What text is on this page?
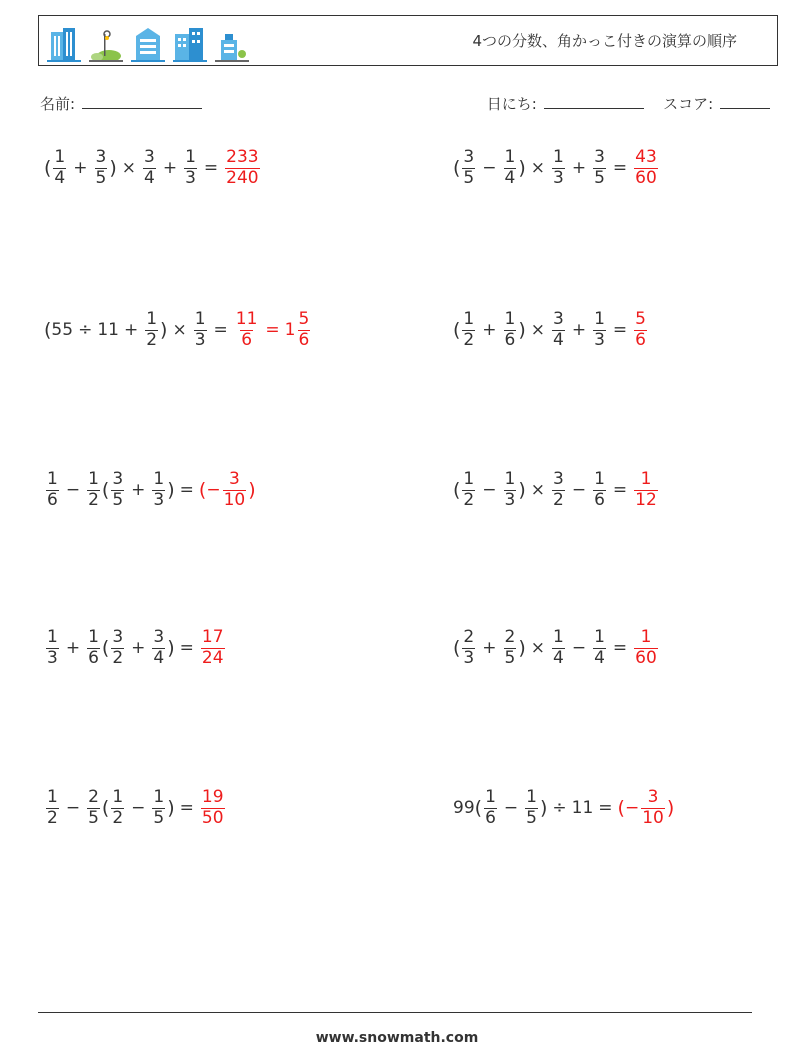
4つの分数、角かっこ付きの演算の順序
名前:	日にち:	スコア:
( $\frac{1}{4} + \frac{3}{5}$ ) × $\frac{3}{4} + \frac{1}{3} = \frac{233}{240}$	( $\frac{3}{5} - \frac{1}{4}$ ) × $\frac{1}{3} + \frac{3}{5} = \frac{43}{60}$
( $55 \div 11 + \frac{1}{2}$ ) × $\frac{1}{3} = \frac{11}{6} = 1 \frac{5}{6}$	( $\frac{1}{2} + \frac{1}{6}$ ) × $\frac{3}{4} + \frac{1}{3} = \frac{5}{6}$
$\frac{1}{6} - \frac{1}{2}$ ( $\frac{3}{5} + \frac{1}{3}$ ) = ( − $\frac{3}{10}$ )	( $\frac{1}{2} - \frac{1}{3}$ ) × $\frac{3}{2} - \frac{1}{6} = \frac{1}{12}$
$\frac{1}{3} + \frac{1}{6}$ ( $\frac{3}{2} + \frac{3}{4}$ ) = $\frac{17}{24}$	( $\frac{2}{3} + \frac{2}{5}$ ) × $\frac{1}{4} - \frac{1}{4} = \frac{1}{60}$
$\frac{1}{2} - \frac{2}{5}$ ( $\frac{1}{2} - \frac{1}{5}$ ) = $\frac{19}{50}$	99 ( $\frac{1}{6} - \frac{1}{5}$ ) ÷ 11 = ( − $\frac{3}{10}$ )
www.snowmath.com
